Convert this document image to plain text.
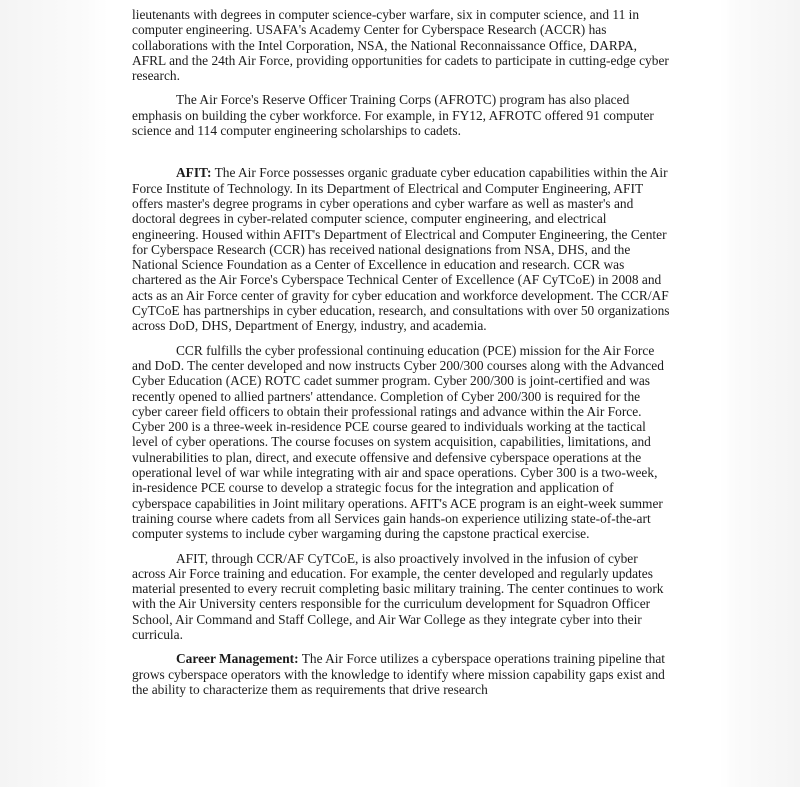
lieutenants with degrees in computer science-cyber warfare, six in computer science, and 11 in computer engineering. USAFA's Academy Center for Cyberspace Research (ACCR) has collaborations with the Intel Corporation, NSA, the National Reconnaissance Office, DARPA, AFRL and the 24th Air Force, providing opportunities for cadets to participate in cutting-edge cyber research.

The Air Force's Reserve Officer Training Corps (AFROTC) program has also placed emphasis on building the cyber workforce. For example, in FY12, AFROTC offered 91 computer science and 114 computer engineering scholarships to cadets.

AFIT: The Air Force possesses organic graduate cyber education capabilities within the Air Force Institute of Technology. In its Department of Electrical and Computer Engineering, AFIT offers master's degree programs in cyber operations and cyber warfare as well as master's and doctoral degrees in cyber-related computer science, computer engineering, and electrical engineering. Housed within AFIT's Department of Electrical and Computer Engineering, the Center for Cyberspace Research (CCR) has received national designations from NSA, DHS, and the National Science Foundation as a Center of Excellence in education and research. CCR was chartered as the Air Force's Cyberspace Technical Center of Excellence (AF CyTCoE) in 2008 and acts as an Air Force center of gravity for cyber education and workforce development. The CCR/AF CyTCoE has partnerships in cyber education, research, and consultations with over 50 organizations across DoD, DHS, Department of Energy, industry, and academia.

CCR fulfills the cyber professional continuing education (PCE) mission for the Air Force and DoD. The center developed and now instructs Cyber 200/300 courses along with the Advanced Cyber Education (ACE) ROTC cadet summer program. Cyber 200/300 is joint-certified and was recently opened to allied partners' attendance. Completion of Cyber 200/300 is required for the cyber career field officers to obtain their professional ratings and advance within the Air Force. Cyber 200 is a three-week in-residence PCE course geared to individuals working at the tactical level of cyber operations. The course focuses on system acquisition, capabilities, limitations, and vulnerabilities to plan, direct, and execute offensive and defensive cyberspace operations at the operational level of war while integrating with air and space operations. Cyber 300 is a two-week, in-residence PCE course to develop a strategic focus for the integration and application of cyberspace capabilities in Joint military operations. AFIT's ACE program is an eight-week summer training course where cadets from all Services gain hands-on experience utilizing state-of-the-art computer systems to include cyber wargaming during the capstone practical exercise.

AFIT, through CCR/AF CyTCoE, is also proactively involved in the infusion of cyber across Air Force training and education. For example, the center developed and regularly updates material presented to every recruit completing basic military training. The center continues to work with the Air University centers responsible for the curriculum development for Squadron Officer School, Air Command and Staff College, and Air War College as they integrate cyber into their curricula.

Career Management: The Air Force utilizes a cyberspace operations training pipeline that grows cyberspace operators with the knowledge to identify where mission capability gaps exist and the ability to characterize them as requirements that drive research
